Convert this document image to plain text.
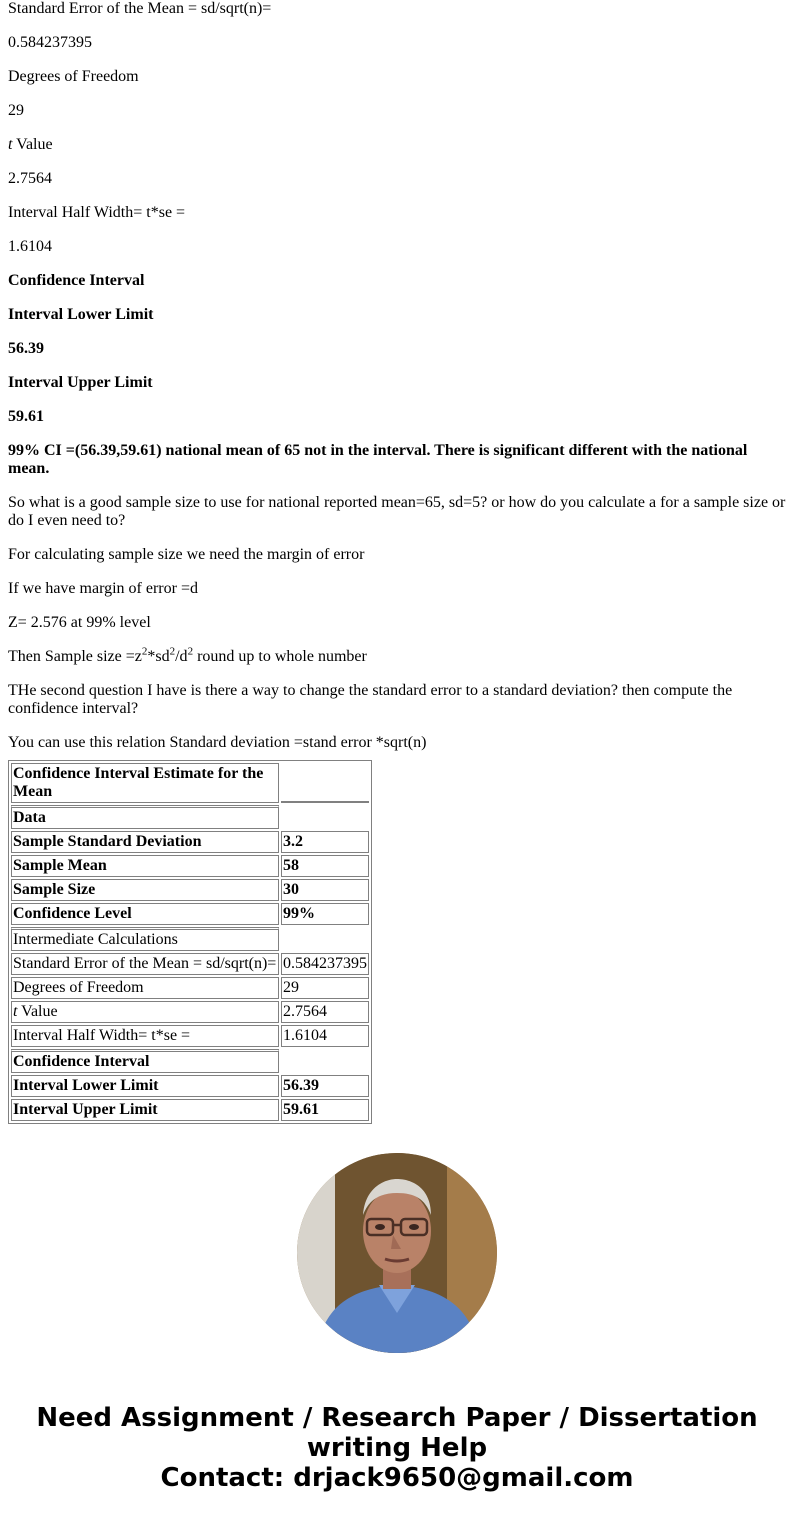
Standard Error of the Mean = sd/sqrt(n)=

0.584237395

Degrees of Freedom

29

t Value

2.7564

Interval Half Width= t*se =

1.6104

Confidence Interval

Interval Lower Limit

56.39

Interval Upper Limit

59.61

99% CI =(56.39,59.61) national mean of 65 not in the interval. There is significant different with the national mean.

So what is a good sample size to use for national reported mean=65, sd=5? or how do you calculate a for a sample size or do I even need to?

For calculating sample size we need the margin of error

If we have margin of error =d

Z= 2.576 at 99% level

Then Sample size $=z^2*sd^2/d^2$ round up to whole number

THe second question I have is there a way to change the standard error to a standard deviation? then compute the confidence interval?

You can use this relation Standard deviation =stand error *sqrt(n)

Confidence Interval Estimate for the Mean	
Data	
Sample Standard Deviation	3.2
Sample Mean	58
Sample Size	30
Confidence Level	99%
Intermediate Calculations	
Standard Error of the Mean = sd/sqrt(n)=	0.584237395
Degrees of Freedom	29
t Value	2.7564
Interval Half Width= t*se =	1.6104
Confidence Interval	
Interval Lower Limit	56.39
Interval Upper Limit	59.61
Need Assignment / Research Paper / Dissertation writing Help
Contact: drjack9650@gmail.com
